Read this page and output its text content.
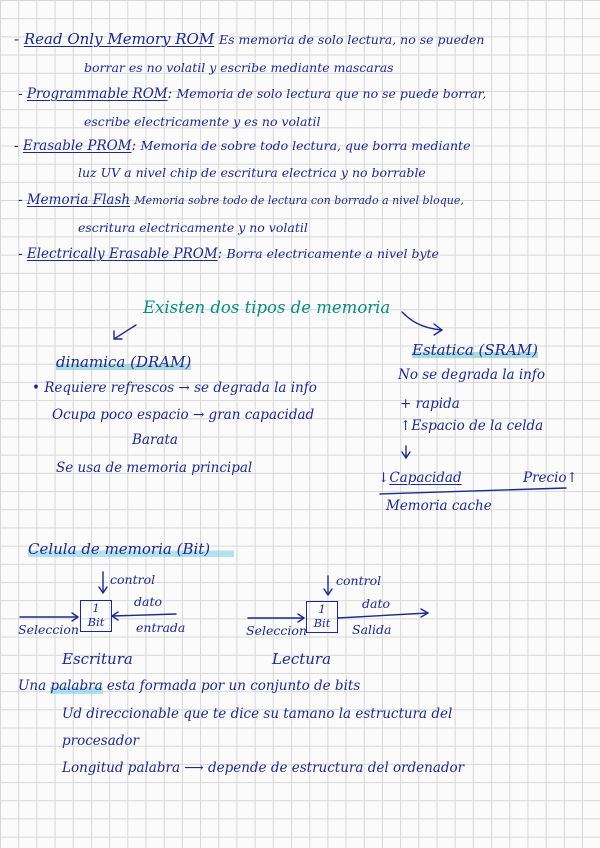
- Read Only Memory ROM Es memoria de solo lectura, no se pueden
borrar es no volatil y escribe mediante mascaras
- Programmable ROM: Memoria de solo lectura que no se puede borrar,
escribe electricamente y es no volatil
- Erasable PROM: Memoria de sobre todo lectura, que borra mediante
luz UV a nivel chip de escritura electrica y no borrable
- Memoria Flash Memoria sobre todo de lectura con borrado a nivel bloque,
escritura electricamente y no volatil
- Electrically Erasable PROM: Borra electricamente a nivel byte
Existen dos tipos de memoria
dinamica (DRAM)
• Requiere refrescos → se degrada la info
Ocupa poco espacio → gran capacidad
Barata
Se usa de memoria principal
Estatica (SRAM)
No se degrada la info
+ rapida
↑Espacio de la celda
↓Capacidad	Precio↑
Memoria cache
Celula de memoria (Bit)
control
1
Bit
dato
Seleccion	entrada
Escritura
control
1
Bit
dato
Seleccion	Salida
Lectura
Una palabra esta formada por un conjunto de bits
Ud direccionable que te dice su tamano la estructura del
procesador
Longitud palabra ⟶ depende de estructura del ordenador
